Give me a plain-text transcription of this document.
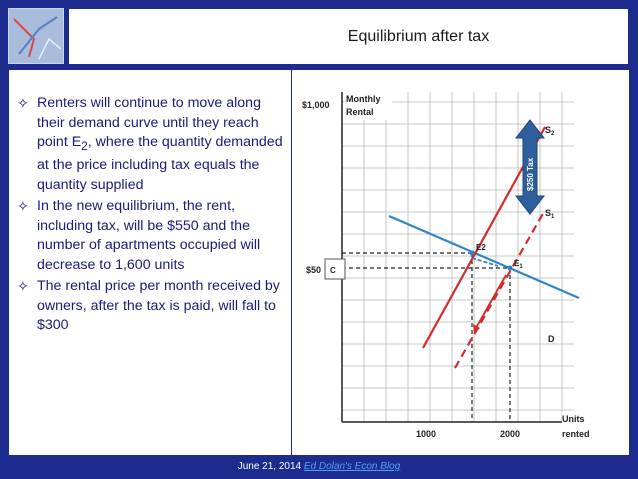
Equilibrium after tax
✧ Renters will continue to move along their demand curve until they reach point $E_2$, where the quantity demanded at the price including tax equals the quantity supplied
✧ In the new equilibrium, the rent, including tax, will be $550 and the number of apartments occupied will decrease to 1,600 units
✧ The rental price per month received by owners, after the tax is paid, will fall to $300
$1,000
$50
Monthly
Rental
Units
rented
1000	2000
E2
$E_1$
$S_2$
$S_1$
D
C
$250 Tax
June 21, 2014 Ed Dolan's Econ Blog
